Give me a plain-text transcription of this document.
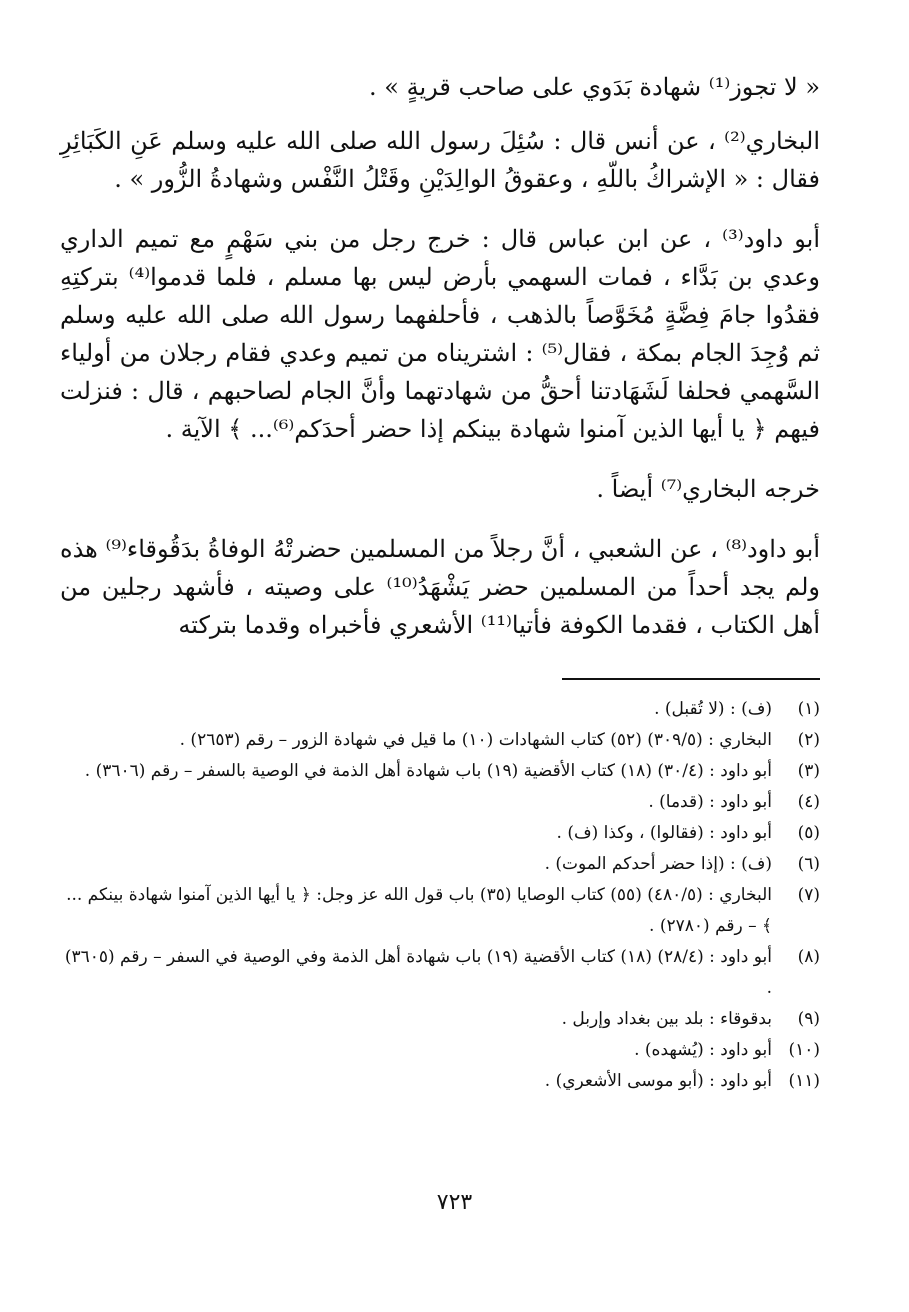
« لا تجوز⁽¹⁾ شهادة بَدَوي على صاحب قريةٍ » .

البخاري⁽²⁾ ، عن أنس قال : سُئِلَ رسول الله صلى الله عليه وسلم عَنِ الكَبَائِرِ فقال : « الإشراكُ باللّهِ ، وعقوقُ الوالِدَيْنِ وقَتْلُ النَّفْس وشهادةُ الزُّور » .

أبو داود⁽³⁾ ، عن ابن عباس قال : خرج رجل من بني سَهْمٍ مع تميم الداري وعدي بن بَدَّاء ، فمات السهمي بأرض ليس بها مسلم ، فلما قدموا⁽⁴⁾ بتركتِهِ فقدُوا جامَ فِضَّةٍ مُخَوَّصاً بالذهب ، فأحلفهما رسول الله صلى الله عليه وسلم ثم وُجِدَ الجام بمكة ، فقال⁽⁵⁾ : اشتريناه من تميم وعدي فقام رجلان من أولياء السَّهمي فحلفا لَشَهَادتنا أحقُّ من شهادتهما وأنَّ الجام لصاحبهم ، قال : فنزلت فيهم ﴿ يا أيها الذين آمنوا شهادة بينكم إذا حضر أحدَكم⁽⁶⁾... ﴾ الآية .

خرجه البخاري⁽⁷⁾ أيضاً .

أبو داود⁽⁸⁾ ، عن الشعبي ، أنَّ رجلاً من المسلمين حضرتْهُ الوفاةُ بدَقُوقاء⁽⁹⁾ هذه ولم يجد أحداً من المسلمين حضر يَشْهَدُ⁽¹⁰⁾ على وصيته ، فأشهد رجلين من أهل الكتاب ، فقدما الكوفة فأتيا⁽¹¹⁾ الأشعري فأخبراه وقدما بتركته

(١)
(ف) : (لا تُقبل) .
(٢)
البخاري : (٣٠٩/٥) (٥٢) كتاب الشهادات (١٠) ما قيل في شهادة الزور – رقم (٢٦٥٣) .
(٣)
أبو داود : (٣٠/٤) (١٨) كتاب الأقضية (١٩) باب شهادة أهل الذمة في الوصية بالسفر – رقم (٣٦٠٦) .
(٤)
أبو داود : (قدما) .
(٥)
أبو داود : (فقالوا) ، وكذا (ف) .
(٦)
(ف) : (إذا حضر أحدكم الموت) .
(٧)
البخاري : (٤٨٠/٥) (٥٥) كتاب الوصايا (٣٥) باب قول الله عز وجل: ﴿ يا أيها الذين آمنوا شهادة بينكم ... ﴾ – رقم (٢٧٨٠) .
(٨)
أبو داود : (٢٨/٤) (١٨) كتاب الأقضية (١٩) باب شهادة أهل الذمة وفي الوصية في السفر – رقم (٣٦٠٥) .
(٩)
بدقوقاء : بلد بين بغداد وإربل .
(١٠)
أبو داود : (يُشهده) .
(١١)
أبو داود : (أبو موسى الأشعري) .
٧٢٣
